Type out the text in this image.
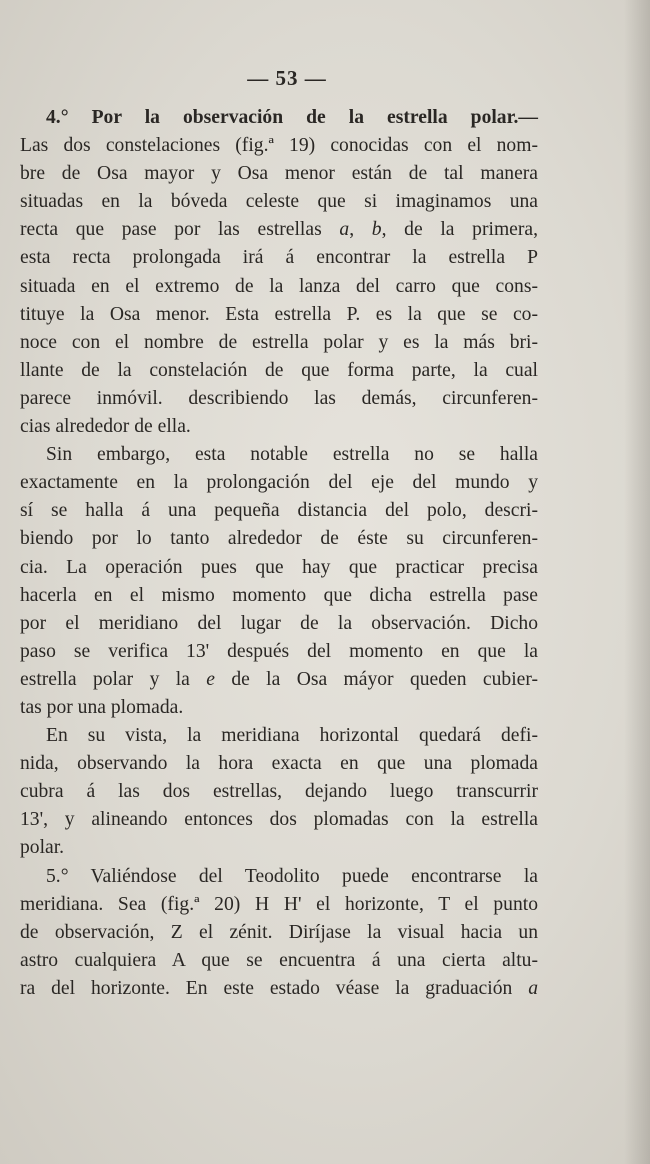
— 53 —
4.° Por la observación de la estrella polar.—
Las dos constelaciones (fig.ª 19) conocidas con el nom-
bre de Osa mayor y Osa menor están de tal manera
situadas en la bóveda celeste que si imaginamos una
recta que pase por las estrellas a, b, de la primera,
esta recta prolongada irá á encontrar la estrella P
situada en el extremo de la lanza del carro que cons-
tituye la Osa menor. Esta estrella P. es la que se co-
noce con el nombre de estrella polar y es la más bri-
llante de la constelación de que forma parte, la cual
parece inmóvil. describiendo las demás, circunferen-
cias alrededor de ella.
Sin embargo, esta notable estrella no se halla
exactamente en la prolongación del eje del mundo y
sí se halla á una pequeña distancia del polo, descri-
biendo por lo tanto alrededor de éste su circunferen-
cia. La operación pues que hay que practicar precisa
hacerla en el mismo momento que dicha estrella pase
por el meridiano del lugar de la observación. Dicho
paso se verifica 13' después del momento en que la
estrella polar y la e de la Osa máyor queden cubier-
tas por una plomada.
En su vista, la meridiana horizontal quedará defi-
nida, observando la hora exacta en que una plomada
cubra á las dos estrellas, dejando luego transcurrir
13', y alineando entonces dos plomadas con la estrella
polar.
5.° Valiéndose del Teodolito puede encontrarse la
meridiana. Sea (fig.ª 20) H H' el horizonte, T el punto
de observación, Z el zénit. Diríjase la visual hacia un
astro cualquiera A que se encuentra á una cierta altu-
ra del horizonte. En este estado véase la graduación a
